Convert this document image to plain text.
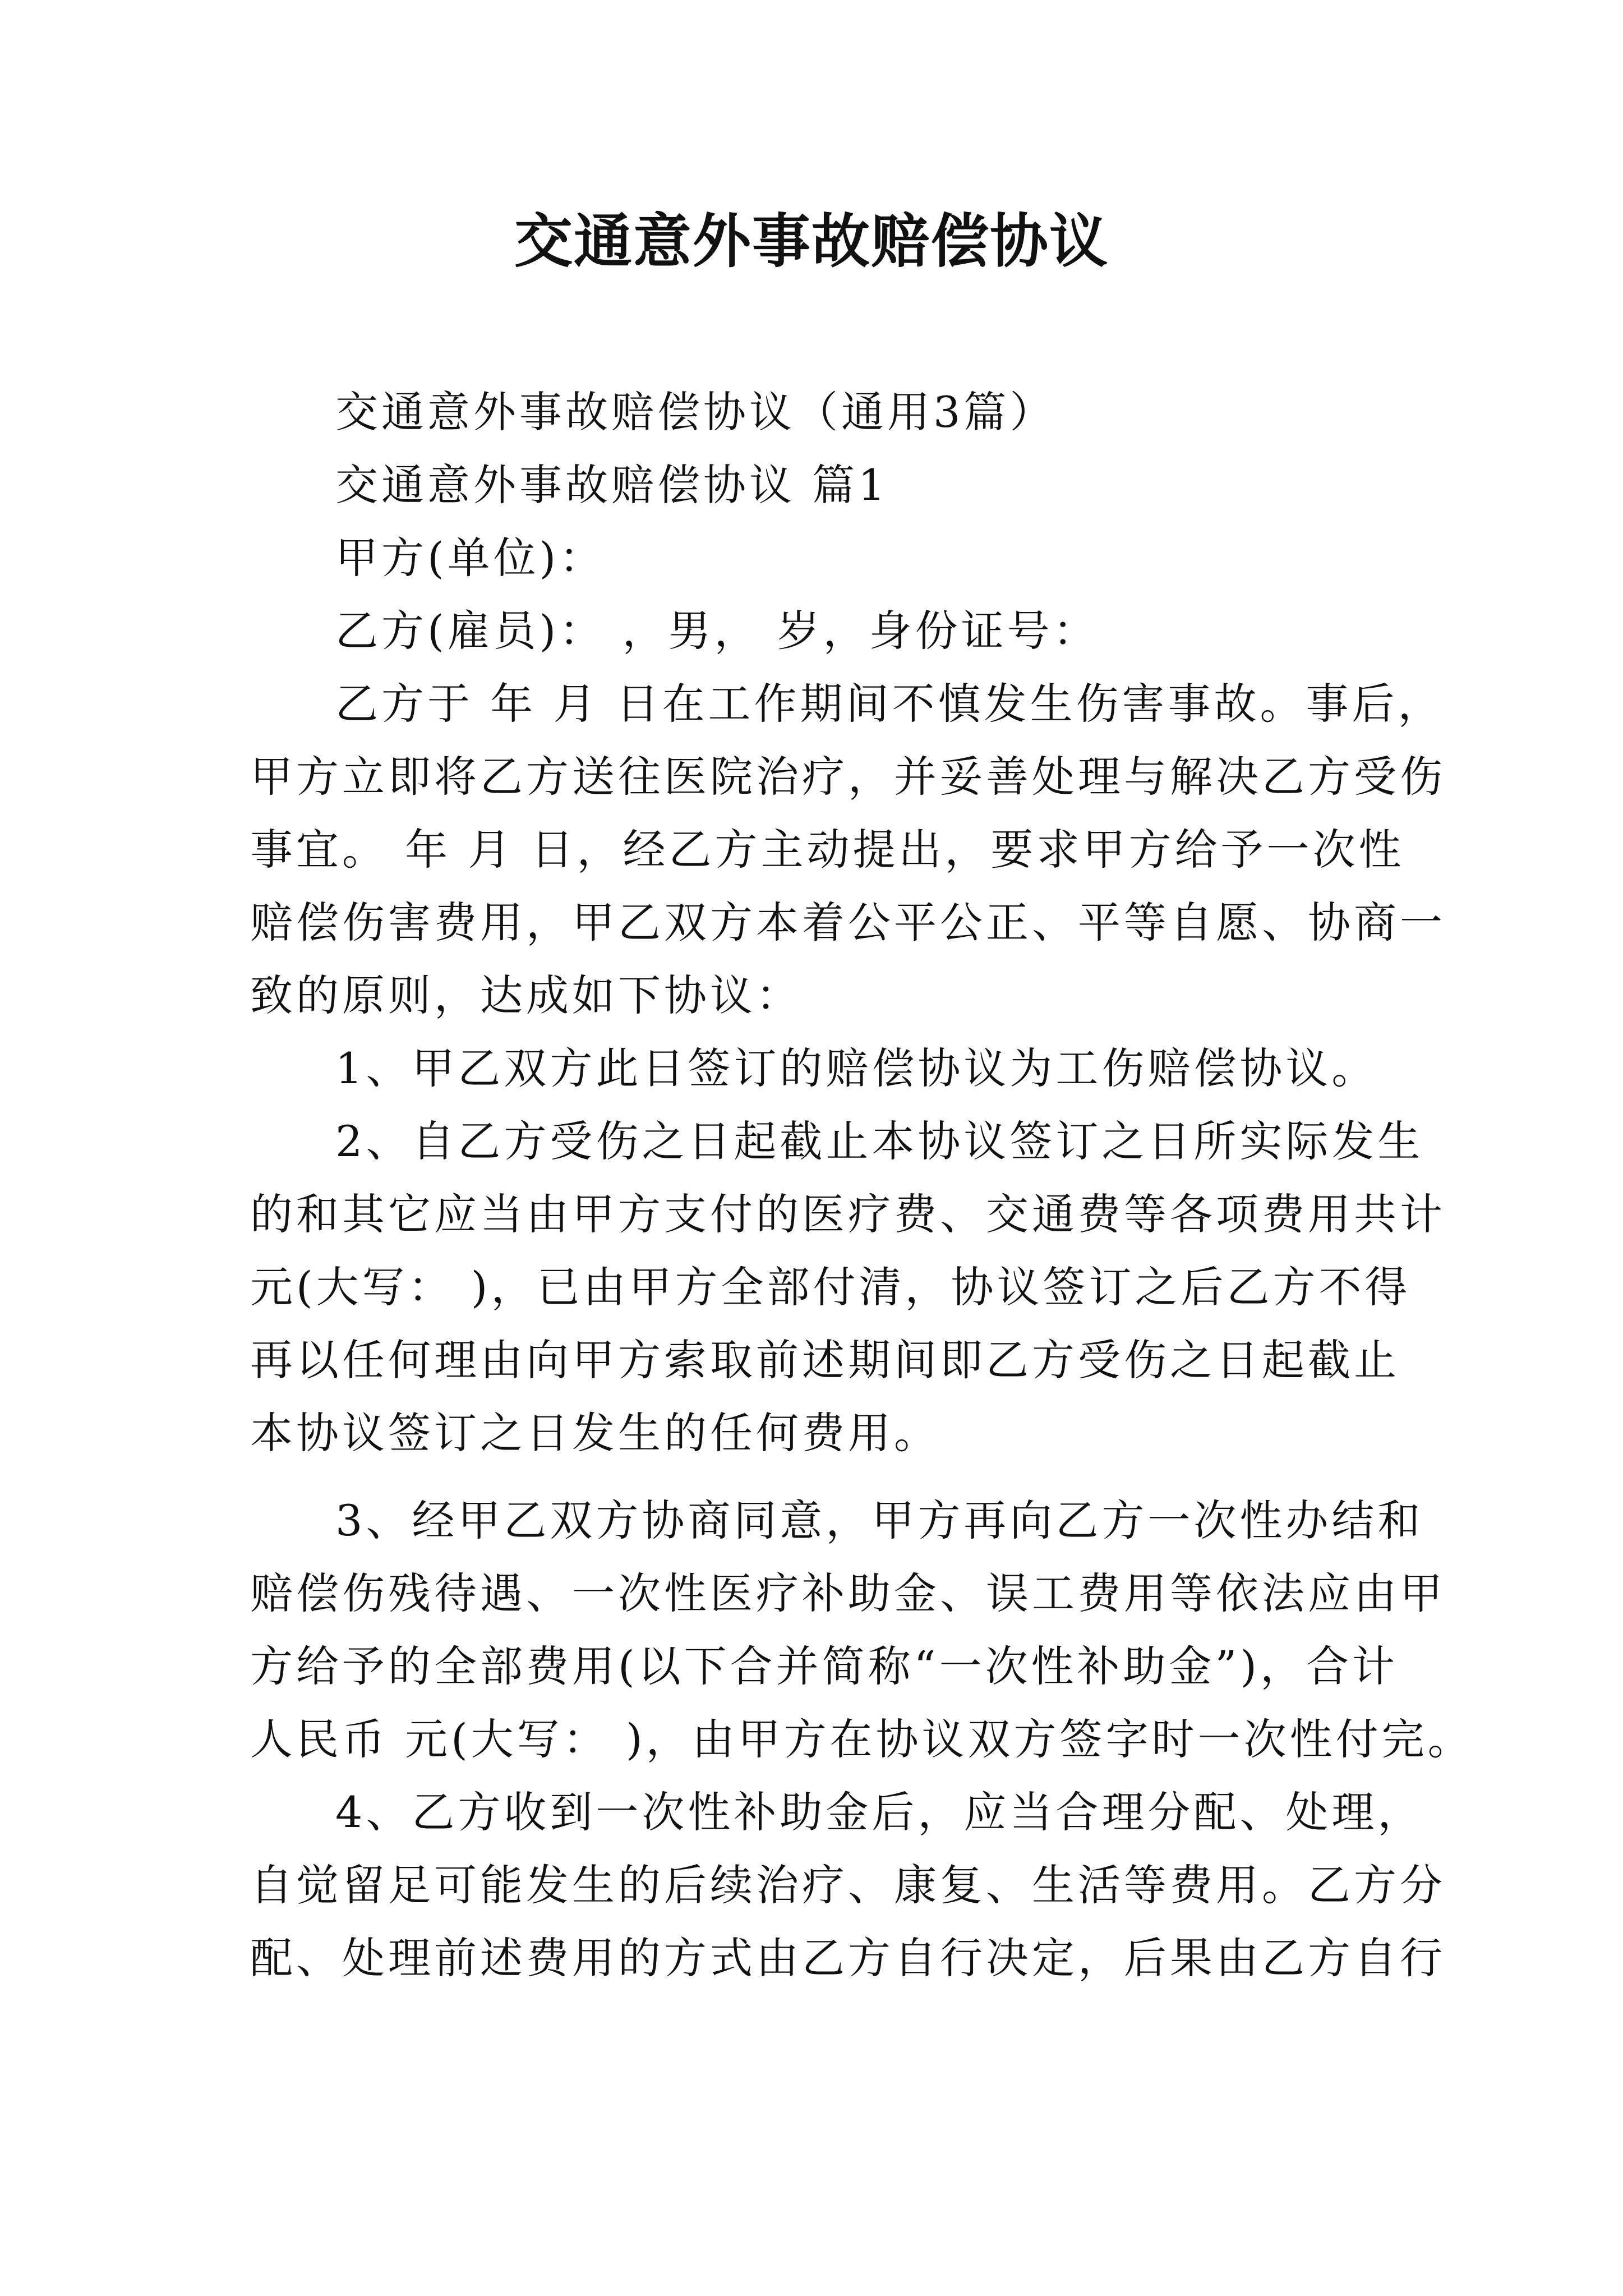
交通意外事故赔偿协议
交通意外事故赔偿协议（通用3篇）
交通意外事故赔偿协议 篇1
甲方(单位)：
乙方(雇员)： ，男， 岁，身份证号：
乙方于 年 月 日在工作期间不慎发生伤害事故。事后，
甲方立即将乙方送往医院治疗，并妥善处理与解决乙方受伤
事宜。 年 月 日，经乙方主动提出，要求甲方给予一次性
赔偿伤害费用，甲乙双方本着公平公正、平等自愿、协商一
致的原则，达成如下协议：
1、甲乙双方此日签订的赔偿协议为工伤赔偿协议。
2、自乙方受伤之日起截止本协议签订之日所实际发生
的和其它应当由甲方支付的医疗费、交通费等各项费用共计
元(大写： )，已由甲方全部付清，协议签订之后乙方不得
再以任何理由向甲方索取前述期间即乙方受伤之日起截止
本协议签订之日发生的任何费用。
3、经甲乙双方协商同意，甲方再向乙方一次性办结和
赔偿伤残待遇、一次性医疗补助金、误工费用等依法应由甲
方给予的全部费用(以下合并简称“一次性补助金”)，合计
人民币 元(大写： )，由甲方在协议双方签字时一次性付完。
4、乙方收到一次性补助金后，应当合理分配、处理，
自觉留足可能发生的后续治疗、康复、生活等费用。乙方分
配、处理前述费用的方式由乙方自行决定，后果由乙方自行
